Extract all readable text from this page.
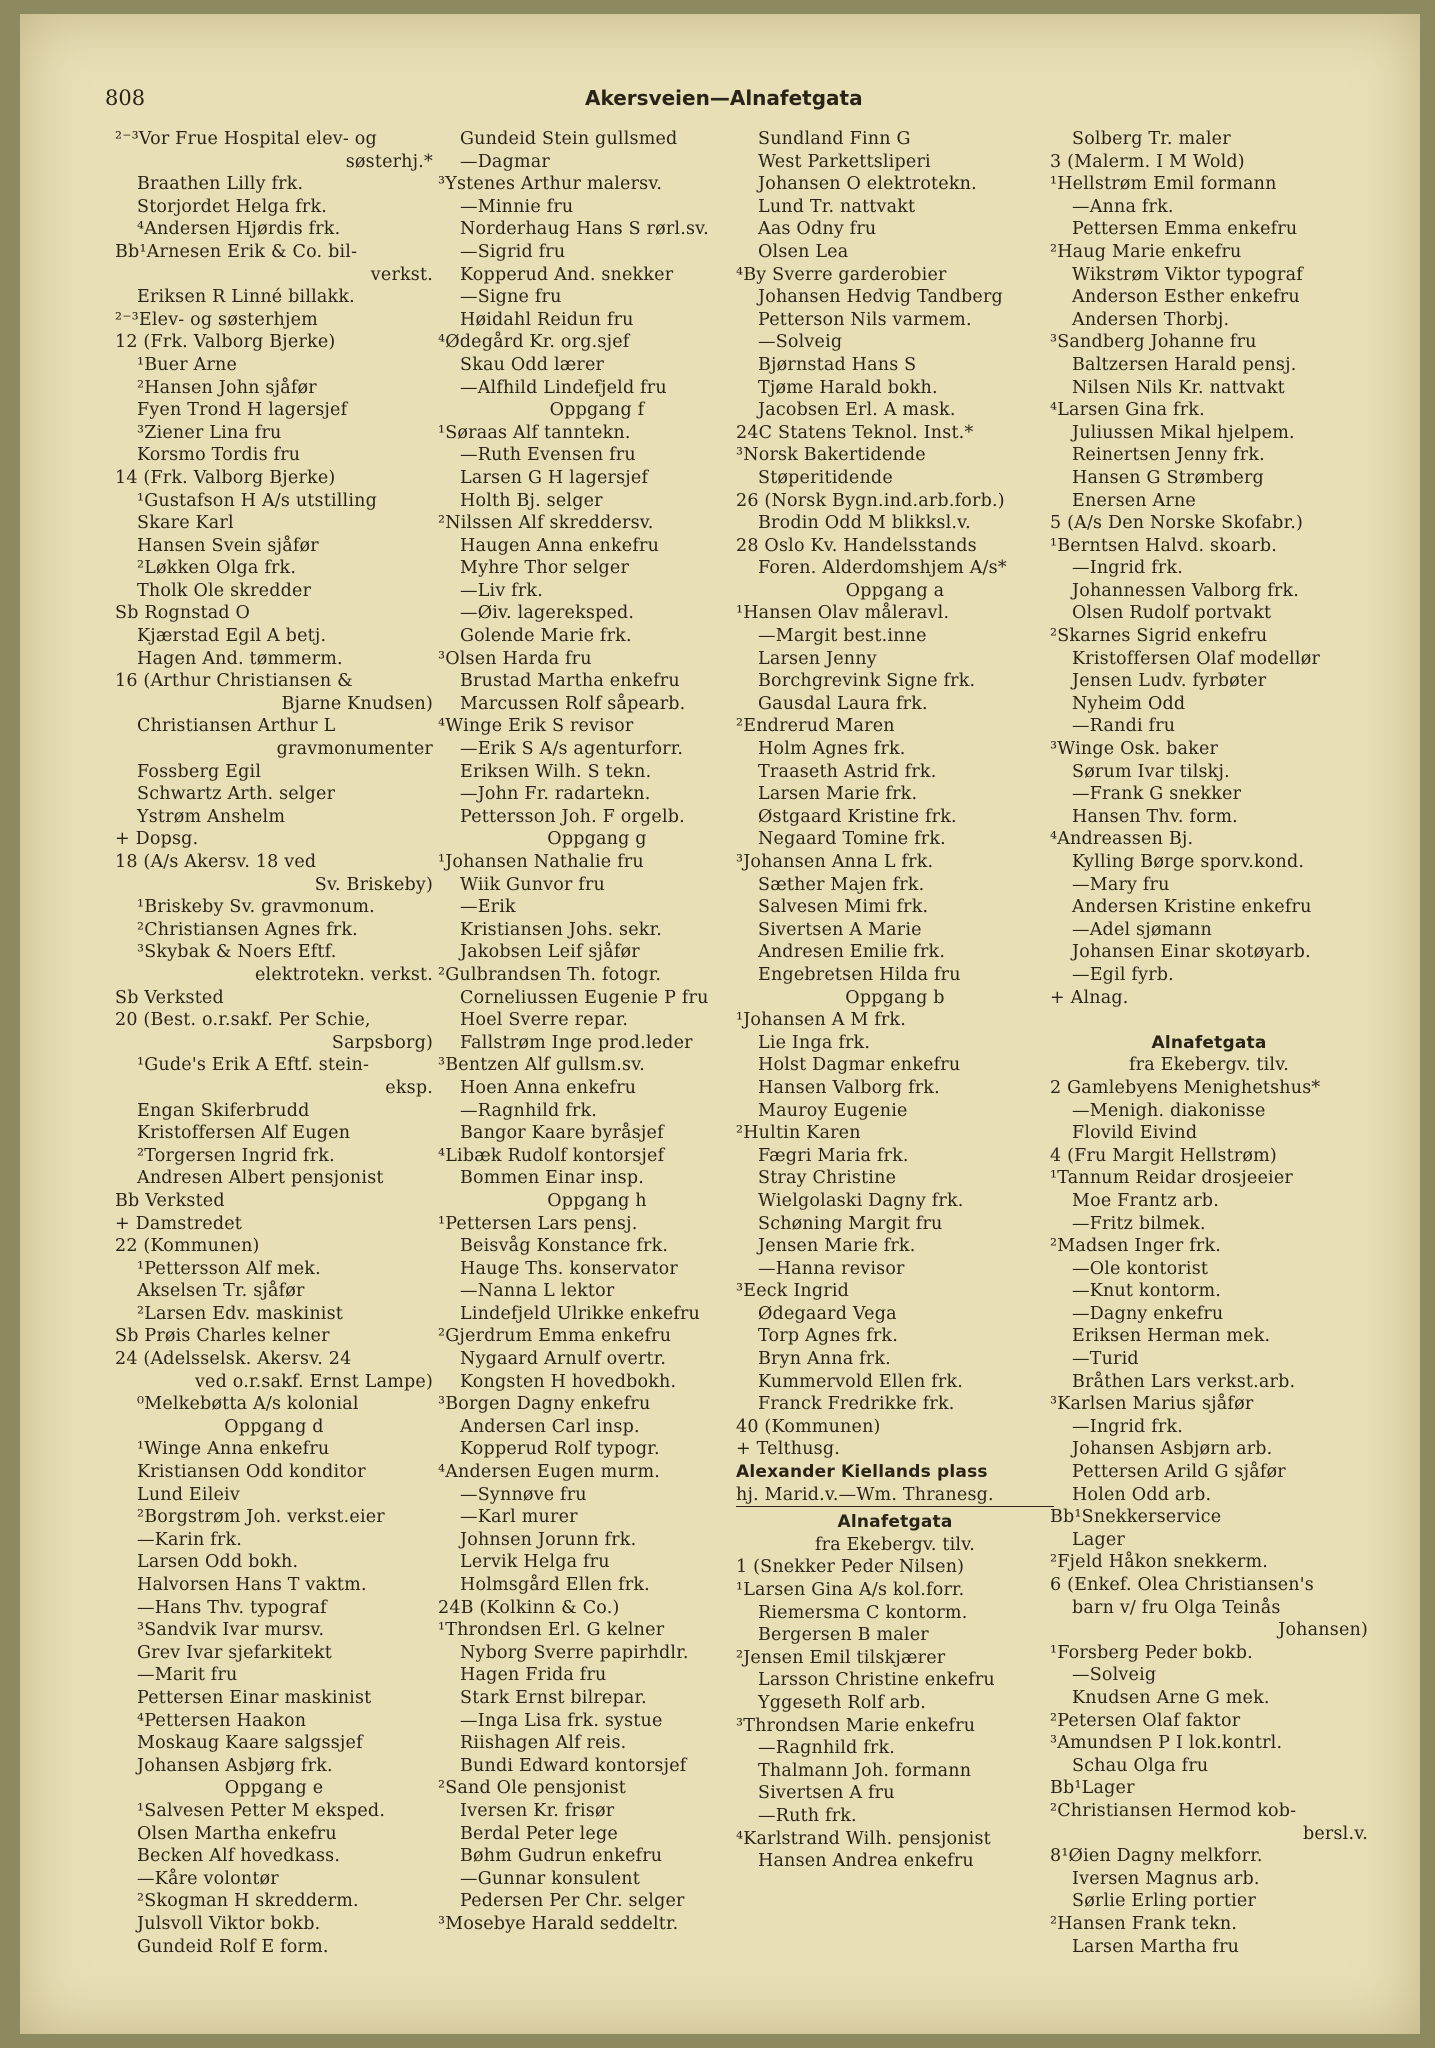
808	Akersveien—Alnafetgata
²⁻³Vor Frue Hospital elev- og
søsterhj.*
Braathen Lilly frk.
Storjordet Helga frk.
⁴Andersen Hjørdis frk.
Bb¹Arnesen Erik & Co. bil-
verkst.
Eriksen R Linné billakk.
²⁻³Elev- og søsterhjem
12 (Frk. Valborg Bjerke)
¹Buer Arne
²Hansen John sjåfør
Fyen Trond H lagersjef
³Ziener Lina fru
Korsmo Tordis fru
14 (Frk. Valborg Bjerke)
¹Gustafson H A/s utstilling
Skare Karl
Hansen Svein sjåfør
²Løkken Olga frk.
Tholk Ole skredder
Sb Rognstad O
Kjærstad Egil A betj.
Hagen And. tømmerm.
16 (Arthur Christiansen &
Bjarne Knudsen)
Christiansen Arthur L
gravmonumenter
Fossberg Egil
Schwartz Arth. selger
Ystrøm Anshelm
+ Dopsg.
18 (A/s Akersv. 18 ved
Sv. Briskeby)
¹Briskeby Sv. gravmonum.
²Christiansen Agnes frk.
³Skybak & Noers Eftf.
elektrotekn. verkst.
Sb Verksted
20 (Best. o.r.sakf. Per Schie,
Sarpsborg)
¹Gude's Erik A Eftf. stein-
eksp.
Engan Skiferbrudd
Kristoffersen Alf Eugen
²Torgersen Ingrid frk.
Andresen Albert pensjonist
Bb Verksted
+ Damstredet
22 (Kommunen)
¹Pettersson Alf mek.
Akselsen Tr. sjåfør
²Larsen Edv. maskinist
Sb Prøis Charles kelner
24 (Adelsselsk. Akersv. 24
ved o.r.sakf. Ernst Lampe)
⁰Melkebøtta A/s kolonial
Oppgang d
¹Winge Anna enkefru
Kristiansen Odd konditor
Lund Eileiv
²Borgstrøm Joh. verkst.eier
—Karin frk.
Larsen Odd bokh.
Halvorsen Hans T vaktm.
—Hans Thv. typograf
³Sandvik Ivar mursv.
Grev Ivar sjefarkitekt
—Marit fru
Pettersen Einar maskinist
⁴Pettersen Haakon
Moskaug Kaare salgssjef
Johansen Asbjørg frk.
Oppgang e
¹Salvesen Petter M eksped.
Olsen Martha enkefru
Becken Alf hovedkass.
—Kåre volontør
²Skogman H skredderm.
Julsvoll Viktor bokb.
Gundeid Rolf E form.
Gundeid Stein gullsmed
—Dagmar
³Ystenes Arthur malersv.
—Minnie fru
Norderhaug Hans S rørl.sv.
—Sigrid fru
Kopperud And. snekker
—Signe fru
Høidahl Reidun fru
⁴Ødegård Kr. org.sjef
Skau Odd lærer
—Alfhild Lindefjeld fru
Oppgang f
¹Søraas Alf tanntekn.
—Ruth Evensen fru
Larsen G H lagersjef
Holth Bj. selger
²Nilssen Alf skreddersv.
Haugen Anna enkefru
Myhre Thor selger
—Liv frk.
—Øiv. lagereksped.
Golende Marie frk.
³Olsen Harda fru
Brustad Martha enkefru
Marcussen Rolf såpearb.
⁴Winge Erik S revisor
—Erik S A/s agenturforr.
Eriksen Wilh. S tekn.
—John Fr. radartekn.
Pettersson Joh. F orgelb.
Oppgang g
¹Johansen Nathalie fru
Wiik Gunvor fru
—Erik
Kristiansen Johs. sekr.
Jakobsen Leif sjåfør
²Gulbrandsen Th. fotogr.
Corneliussen Eugenie P fru
Hoel Sverre repar.
Fallstrøm Inge prod.leder
³Bentzen Alf gullsm.sv.
Hoen Anna enkefru
—Ragnhild frk.
Bangor Kaare byråsjef
⁴Libæk Rudolf kontorsjef
Bommen Einar insp.
Oppgang h
¹Pettersen Lars pensj.
Beisvåg Konstance frk.
Hauge Ths. konservator
—Nanna L lektor
Lindefjeld Ulrikke enkefru
²Gjerdrum Emma enkefru
Nygaard Arnulf overtr.
Kongsten H hovedbokh.
³Borgen Dagny enkefru
Andersen Carl insp.
Kopperud Rolf typogr.
⁴Andersen Eugen murm.
—Synnøve fru
—Karl murer
Johnsen Jorunn frk.
Lervik Helga fru
Holmsgård Ellen frk.
24B (Kolkinn & Co.)
¹Throndsen Erl. G kelner
Nyborg Sverre papirhdlr.
Hagen Frida fru
Stark Ernst bilrepar.
—Inga Lisa frk. systue
Riishagen Alf reis.
Bundi Edward kontorsjef
²Sand Ole pensjonist
Iversen Kr. frisør
Berdal Peter lege
Bøhm Gudrun enkefru
—Gunnar konsulent
Pedersen Per Chr. selger
³Mosebye Harald seddeltr.
Sundland Finn G
West Parkettsliperi
Johansen O elektrotekn.
Lund Tr. nattvakt
Aas Odny fru
Olsen Lea
⁴By Sverre garderobier
Johansen Hedvig Tandberg
Petterson Nils varmem.
—Solveig
Bjørnstad Hans S
Tjøme Harald bokh.
Jacobsen Erl. A mask.
24C Statens Teknol. Inst.*
³Norsk Bakertidende
Støperitidende
26 (Norsk Bygn.ind.arb.forb.)
Brodin Odd M blikksl.v.
28 Oslo Kv. Handelsstands
Foren. Alderdomshjem A/s*
Oppgang a
¹Hansen Olav måleravl.
—Margit best.inne
Larsen Jenny
Borchgrevink Signe frk.
Gausdal Laura frk.
²Endrerud Maren
Holm Agnes frk.
Traaseth Astrid frk.
Larsen Marie frk.
Østgaard Kristine frk.
Negaard Tomine frk.
³Johansen Anna L frk.
Sæther Majen frk.
Salvesen Mimi frk.
Sivertsen A Marie
Andresen Emilie frk.
Engebretsen Hilda fru
Oppgang b
¹Johansen A M frk.
Lie Inga frk.
Holst Dagmar enkefru
Hansen Valborg frk.
Mauroy Eugenie
²Hultin Karen
Fægri Maria frk.
Stray Christine
Wielgolaski Dagny frk.
Schøning Margit fru
Jensen Marie frk.
—Hanna revisor
³Eeck Ingrid
Ødegaard Vega
Torp Agnes frk.
Bryn Anna frk.
Kummervold Ellen frk.
Franck Fredrikke frk.
40 (Kommunen)
+ Telthusg.
Alexander Kiellands plass
hj. Marid.v.—Wm. Thranesg.
Alnafetgata
fra Ekebergv. tilv.
1 (Snekker Peder Nilsen)
¹Larsen Gina A/s kol.forr.
Riemersma C kontorm.
Bergersen B maler
²Jensen Emil tilskjærer
Larsson Christine enkefru
Yggeseth Rolf arb.
³Throndsen Marie enkefru
—Ragnhild frk.
Thalmann Joh. formann
Sivertsen A fru
—Ruth frk.
⁴Karlstrand Wilh. pensjonist
Hansen Andrea enkefru
Solberg Tr. maler
3 (Malerm. I M Wold)
¹Hellstrøm Emil formann
—Anna frk.
Pettersen Emma enkefru
²Haug Marie enkefru
Wikstrøm Viktor typograf
Anderson Esther enkefru
Andersen Thorbj.
³Sandberg Johanne fru
Baltzersen Harald pensj.
Nilsen Nils Kr. nattvakt
⁴Larsen Gina frk.
Juliussen Mikal hjelpem.
Reinertsen Jenny frk.
Hansen G Strømberg
Enersen Arne
5 (A/s Den Norske Skofabr.)
¹Berntsen Halvd. skoarb.
—Ingrid frk.
Johannessen Valborg frk.
Olsen Rudolf portvakt
²Skarnes Sigrid enkefru
Kristoffersen Olaf modellør
Jensen Ludv. fyrbøter
Nyheim Odd
—Randi fru
³Winge Osk. baker
Sørum Ivar tilskj.
—Frank G snekker
Hansen Thv. form.
⁴Andreassen Bj.
Kylling Børge sporv.kond.
—Mary fru
Andersen Kristine enkefru
—Adel sjømann
Johansen Einar skotøyarb.
—Egil fyrb.
+ Alnag.
Alnafetgata
fra Ekebergv. tilv.
2 Gamlebyens Menighetshus*
—Menigh. diakonisse
Flovild Eivind
4 (Fru Margit Hellstrøm)
¹Tannum Reidar drosjeeier
Moe Frantz arb.
—Fritz bilmek.
²Madsen Inger frk.
—Ole kontorist
—Knut kontorm.
—Dagny enkefru
Eriksen Herman mek.
—Turid
Bråthen Lars verkst.arb.
³Karlsen Marius sjåfør
—Ingrid frk.
Johansen Asbjørn arb.
Pettersen Arild G sjåfør
Holen Odd arb.
Bb¹Snekkerservice
Lager
²Fjeld Håkon snekkerm.
6 (Enkef. Olea Christiansen's
barn v/ fru Olga Teinås
Johansen)
¹Forsberg Peder bokb.
—Solveig
Knudsen Arne G mek.
²Petersen Olaf faktor
³Amundsen P I lok.kontrl.
Schau Olga fru
Bb¹Lager
²Christiansen Hermod kob-
bersl.v.
8¹Øien Dagny melkforr.
Iversen Magnus arb.
Sørlie Erling portier
²Hansen Frank tekn.
Larsen Martha fru
